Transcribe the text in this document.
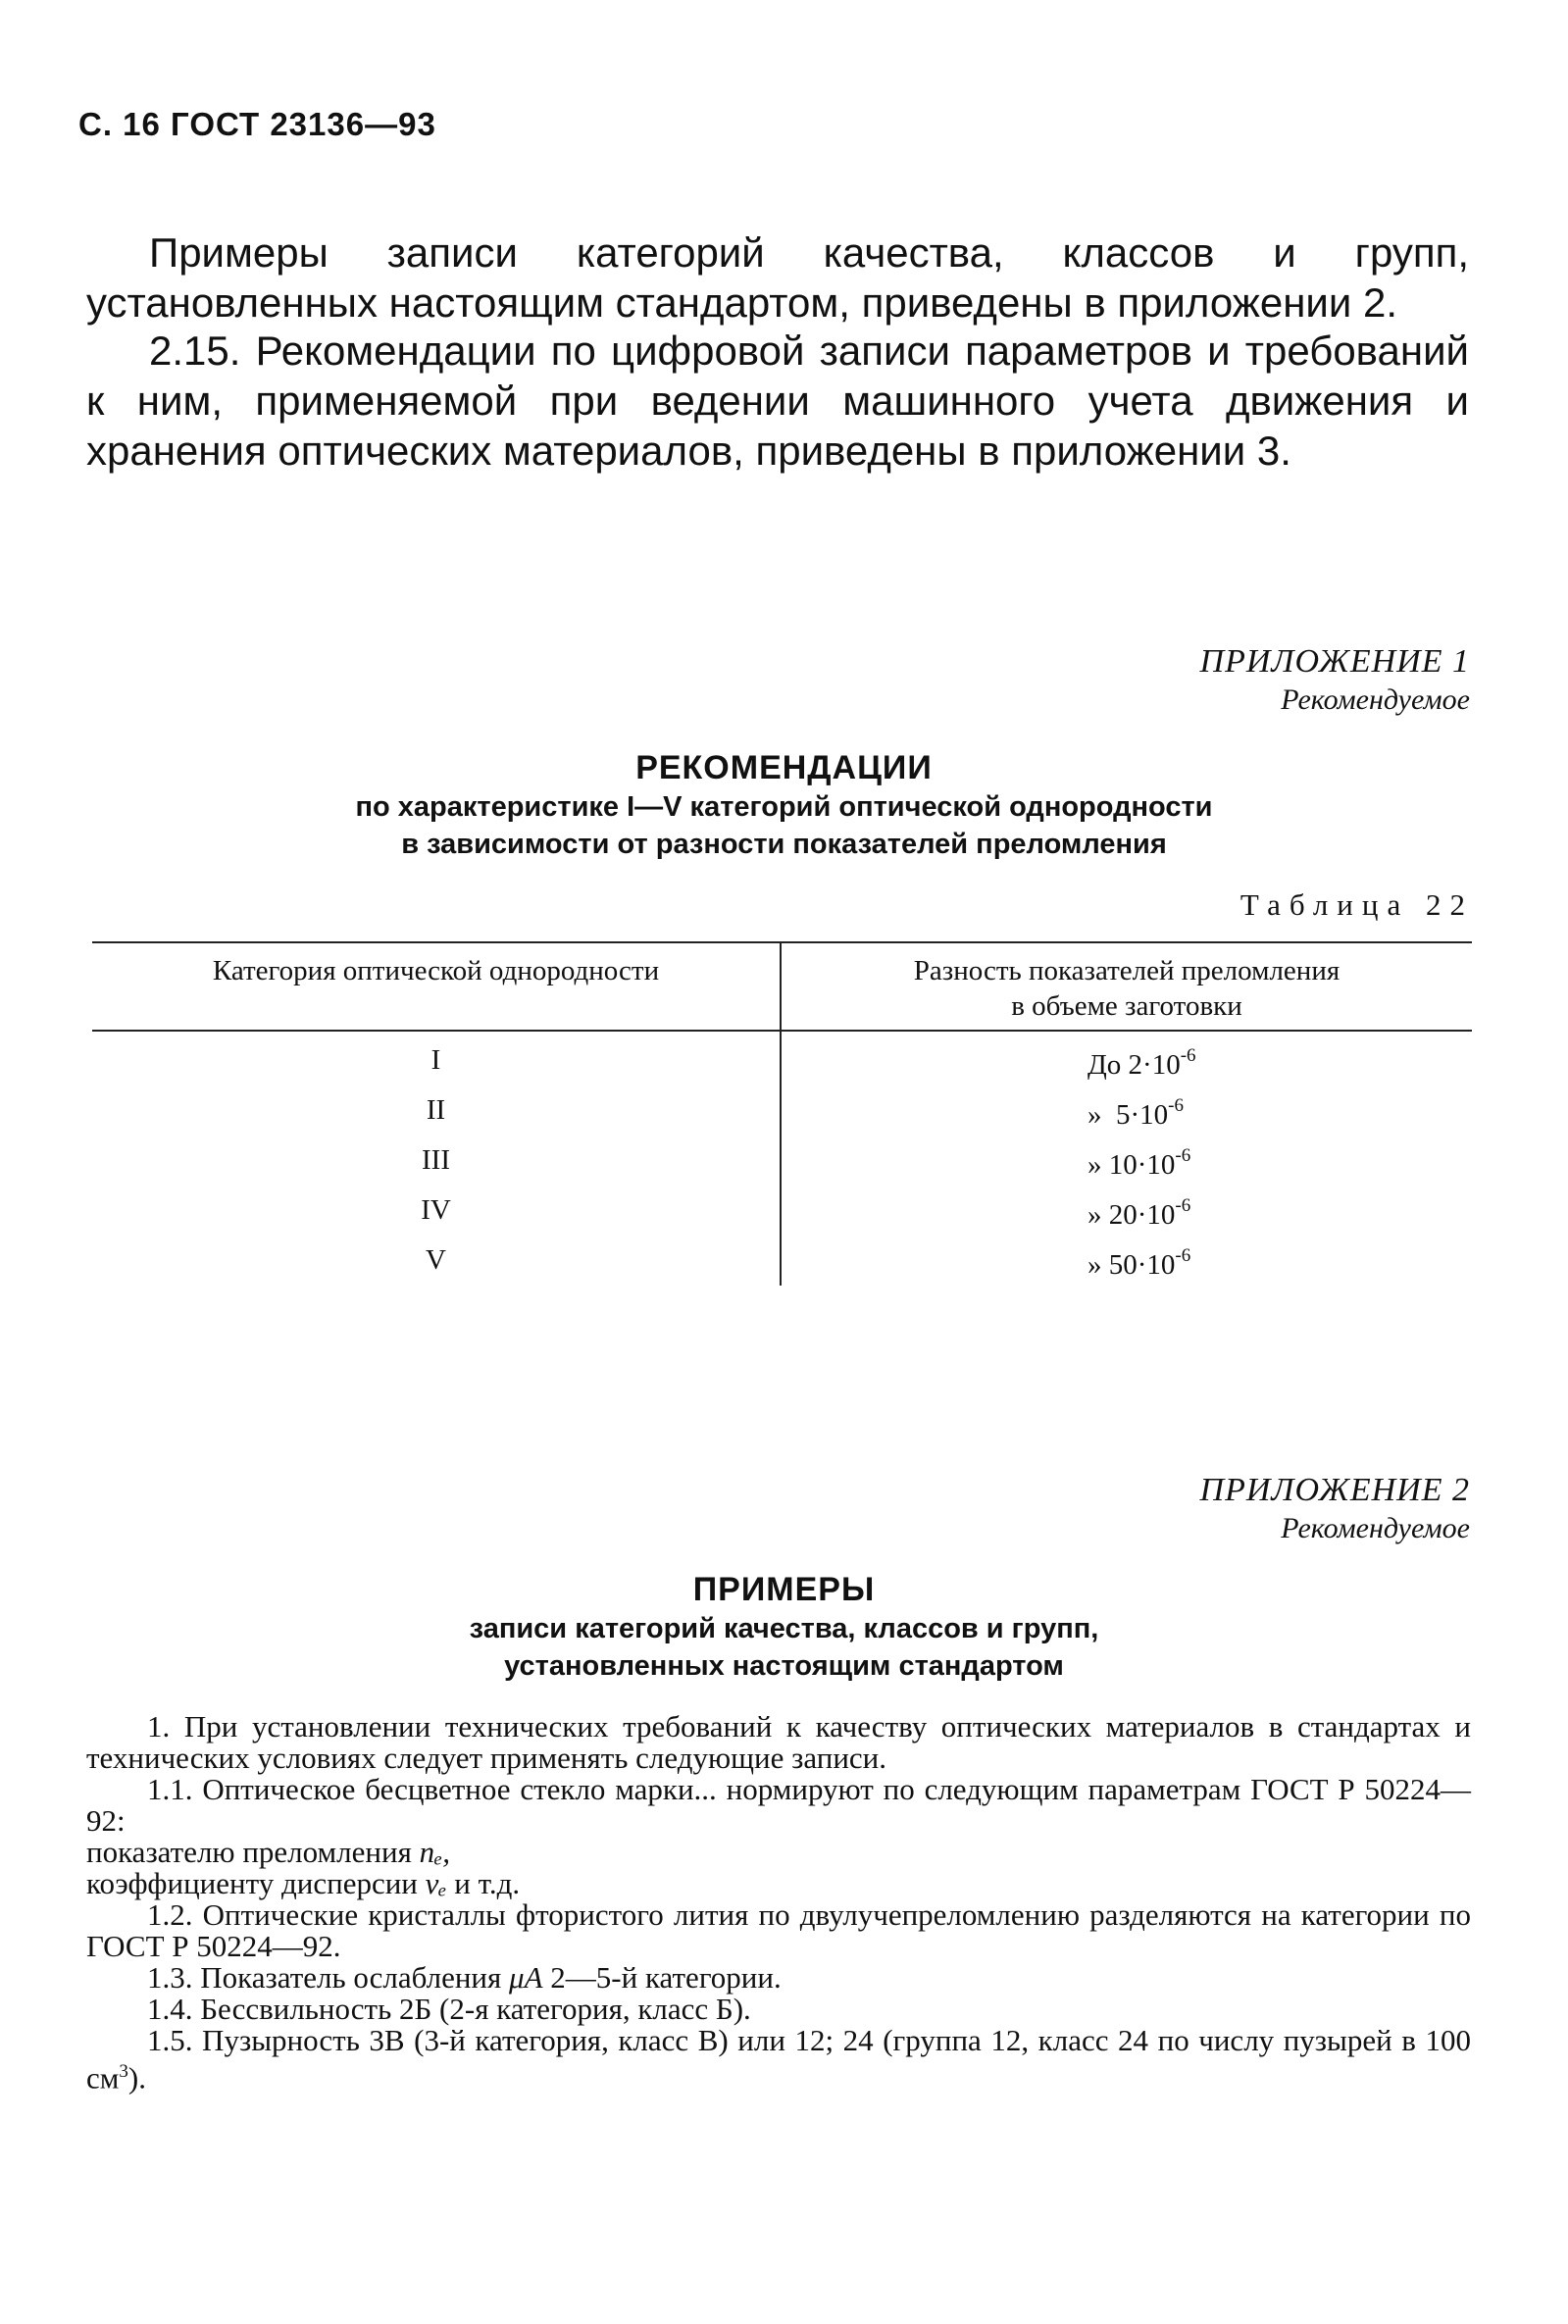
С. 16 ГОСТ 23136—93

Примеры записи категорий качества, классов и групп, установленных настоящим стандартом, приведены в приложении 2.

2.15. Рекомендации по цифровой записи параметров и требований к ним, применяемой при ведении машинного учета движения и хранения оптических материалов, приведены в приложении 3.

ПРИЛОЖЕНИЕ 1
Рекомендуемое
РЕКОМЕНДАЦИИ
по характеристике I—V категорий оптической однородности
в зависимости от разности показателей преломления
Таблица 22
Категория оптической однородности	Разность показателей преломления
в объеме заготовки

I	До $2\cdot 10^{-6}$
II	» $5\cdot 10^{-6}$
III	» $10\cdot 10^{-6}$
IV	» $20\cdot 10^{-6}$
V	» $50\cdot 10^{-6}$
ПРИЛОЖЕНИЕ 2
Рекомендуемое
ПРИМЕРЫ
записи категорий качества, классов и групп,
установленных настоящим стандартом

1. При установлении технических требований к качеству оптических материалов в стандартах и технических условиях следует применять следующие записи.

1.1. Оптическое бесцветное стекло марки... нормируют по следующим параметрам ГОСТ Р 50224—92:

показателю преломления nₑ,

коэффициенту дисперсии νₑ и т.д.

1.2. Оптические кристаллы фтористого лития по двулучепреломлению разделяются на категории по ГОСТ Р 50224—92.

1.3. Показатель ослабления μА 2—5-й категории.

1.4. Бессвильность 2Б (2-я категория, класс Б).

1.5. Пузырность 3В (3-й категория, класс В) или 12; 24 (группа 12, класс 24 по числу пузырей в 100 $см^3$).
